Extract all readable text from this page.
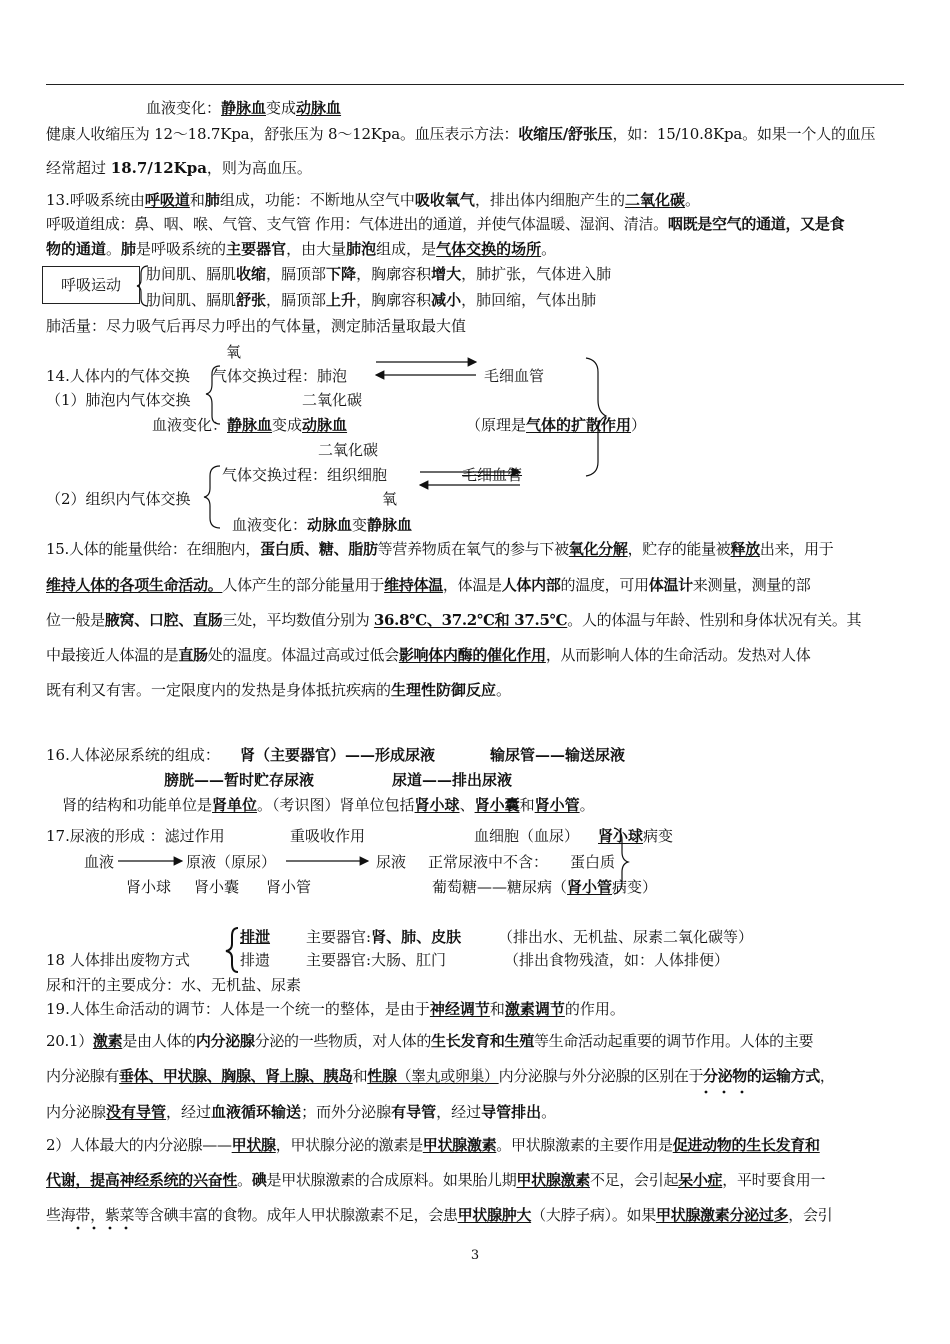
血液变化：静脉血变成动脉血
健康人收缩压为 12～18.7Kpa，舒张压为 8～12Kpa。血压表示方法：收缩压/舒张压，如：15/10.8Kpa。如果一个人的血压
经常超过 18.7/12Kpa，则为高血压。
13.呼吸系统由呼吸道和肺组成，功能：不断地从空气中吸收氧气，排出体内细胞产生的二氧化碳。
呼吸道组成：鼻、咽、喉、气管、支气管 作用：气体进出的通道，并使气体温暖、湿润、清洁。咽既是空气的通道，又是食
物的通道。肺是呼吸系统的主要器官，由大量肺泡组成，是气体交换的场所。
呼吸运动
肋间肌、膈肌收缩，膈顶部下降，胸廓容积增大，肺扩张，气体进入肺
肋间肌、膈肌舒张，膈顶部上升，胸廓容积减小，肺回缩，气体出肺
肺活量：尽力吸气后再尽力呼出的气体量，测定肺活量取最大值
氧
14.人体内的气体交换 气体交换过程：肺泡	毛细血管
（1）肺泡内气体交换	二氧化碳
血液变化：静脉血变成动脉血	（原理是气体的扩散作用）
二氧化碳
气体交换过程：组织细胞	毛细血管
氧
（2）组织内气体交换
血液变化：动脉血变静脉血
15.人体的能量供给：在细胞内，蛋白质、糖、脂肪等营养物质在氧气的参与下被氧化分解，贮存的能量被释放出来，用于
维持人体的各项生命活动。人体产生的部分能量用于维持体温，体温是人体内部的温度，可用体温计来测量，测量的部
位一般是腋窝、口腔、直肠三处，平均数值分别为 36.8℃、37.2℃和 37.5℃。人的体温与年龄、性别和身体状况有关。其
中最接近人体温的是直肠处的温度。体温过高或过低会影响体内酶的催化作用，从而影响人体的生命活动。发热对人体
既有利又有害。一定限度内的发热是身体抵抗疾病的生理性防御反应。
16.人体泌尿系统的组成： 肾（主要器官）——形成尿液	输尿管——输送尿液
膀胱——暂时贮存尿液	尿道——排出尿液
肾的结构和功能单位是肾单位。（考识图）肾单位包括肾小球、肾小囊和肾小管。
17.尿液的形成 ：滤过作用	重吸收作用	血细胞（血尿） 肾小球病变
血液	原液（原尿）	尿液 正常尿液中不含： 蛋白质
肾小球 肾小囊 肾小管	葡萄糖——糖尿病（肾小管病变）
排泄 主要器官:肾、肺、皮肤 （排出水、无机盐、尿素二氧化碳等）
18 人体排出废物方式	排遗 主要器官:大肠、肛门	（排出食物残渣，如：人体排便）
尿和汗的主要成分：水、无机盐、尿素
19.人体生命活动的调节：人体是一个统一的整体，是由于神经调节和激素调节的作用。
20.1）激素是由人体的内分泌腺分泌的一些物质，对人体的生长发育和生殖等生命活动起重要的调节作用。人体的主要
内分泌腺有垂体、甲状腺、胸腺、肾上腺、胰岛和性腺（睾丸或卵巢）内分泌腺与外分泌腺的区别在于分泌物的运输方式，
内分泌腺没有导管，经过血液循环输送；而外分泌腺有导管，经过导管排出。
2）人体最大的内分泌腺——甲状腺，甲状腺分泌的激素是甲状腺激素。甲状腺激素的主要作用是促进动物的生长发育和
代谢，提高神经系统的兴奋性。碘是甲状腺激素的合成原料。如果胎儿期甲状腺激素不足，会引起呆小症，平时要食用一
些海带，紫菜等含碘丰富的食物。成年人甲状腺激素不足，会患甲状腺肿大（大脖子病）。如果甲状腺激素分泌过多，会引
3
